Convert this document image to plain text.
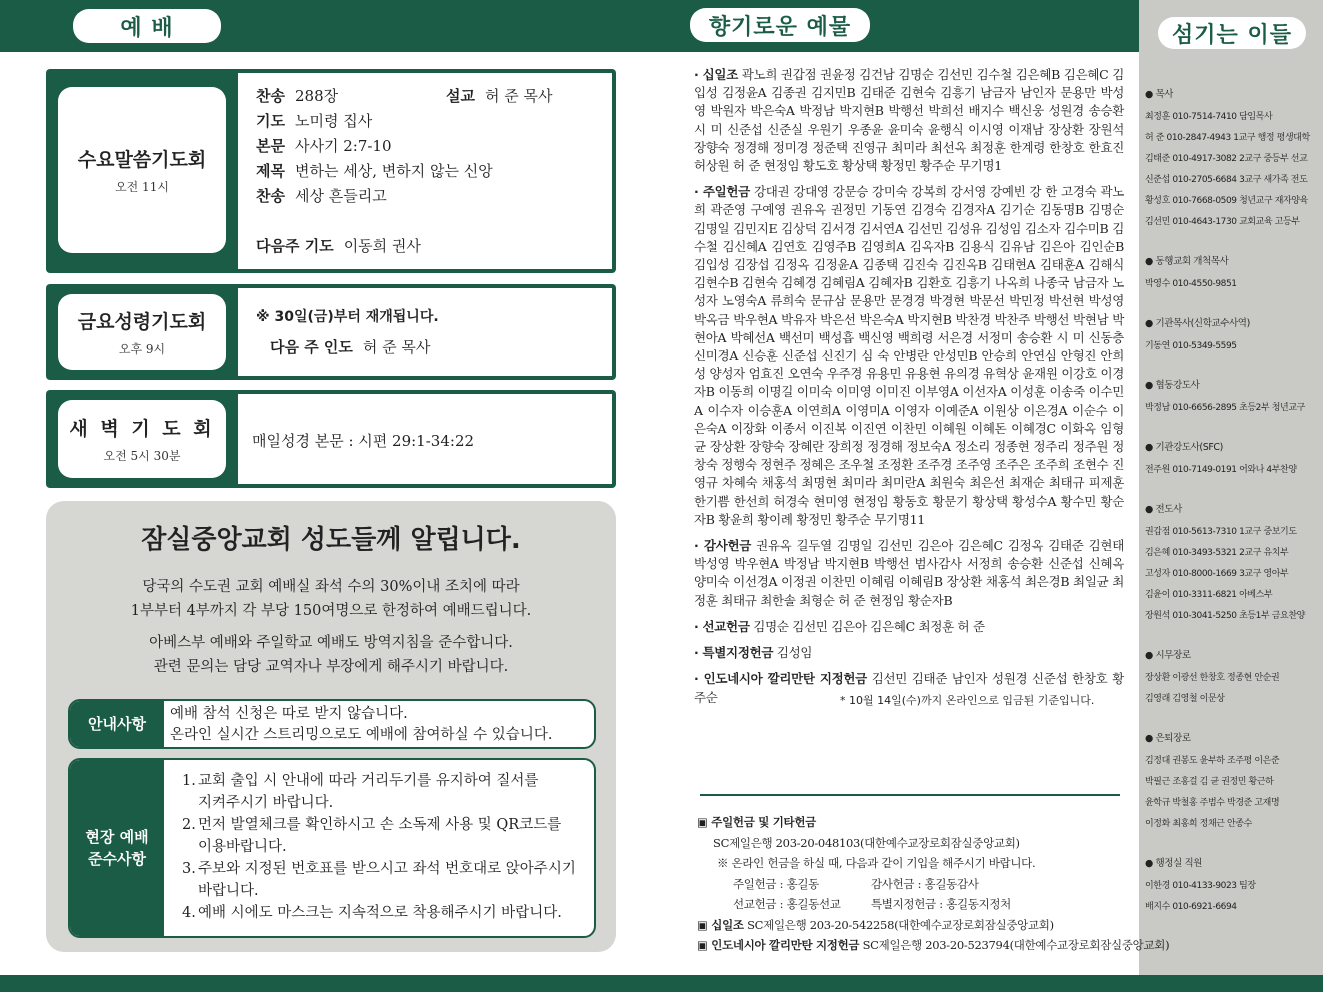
예 배	향기로운 예물	섬기는 이들
수요말씀기도회
오전 11시
찬송 288장	설교 허 준 목사
기도 노미령 집사
본문 사사기 2:7-10
제목 변하는 세상, 변하지 않는 신앙
찬송 세상 흔들리고
다음주 기도 이동희 권사
금요성령기도회
오후 9시
※ 30일(금)부터 재개됩니다.
다음 주 인도 허 준 목사
새 벽 기 도 회
오전 5시 30분
매일성경 본문 : 시편 29:1-34:22
잠실중앙교회 성도들께 알립니다.
당국의 수도권 교회 예배실 좌석 수의 30%이내 조치에 따라
1부부터 4부까지 각 부당 150여명으로 한정하여 예배드립니다.
아베스부 예배와 주일학교 예배도 방역지침을 준수합니다.
관련 문의는 담당 교역자나 부장에게 해주시기 바랍니다.
안내사항
예배 참석 신청은 따로 받지 않습니다.
온라인 실시간 스트리밍으로도 예배에 참여하실 수 있습니다.
현장 예배
준수사항
1. 교회 출입 시 안내에 따라 거리두기를 유지하여 질서를
지켜주시기 바랍니다.
2. 먼저 발열체크를 확인하시고 손 소독제 사용 및 QR코드를
이용바랍니다.
3. 주보와 지정된 번호표를 받으시고 좌석 번호대로 앉아주시기
바랍니다.
4. 예배 시에도 마스크는 지속적으로 착용해주시기 바랍니다.

· 십일조 곽노희 권갑점 권윤정 김건남 김명순 김선민 김수철 김은혜B 김은혜C 김입성 김정윤A 김종권 김지민B 김태준 김현숙 김흥기 남금자 남인자 문용만 박성영 박원자 박은숙A 박정남 박지현B 박행선 박희선 배지수 백신웅 성원경 송승환 시 미 신준섭 신준실 우원기 우종윤 윤미숙 윤행식 이시영 이재남 장상환 장원석 장향숙 정경해 정미경 정준택 진영규 최미라 최선옥 최정훈 한계령 한창호 한효진 허상원 허 준 현정임 황도호 황상택 황정민 황주순 무기명1

· 주일헌금 강대권 강대영 강문승 강미숙 강복희 강서영 강예빈 강 한 고경숙 곽노희 곽준영 구예영 권유옥 권정민 기동연 김경숙 김경자A 김기순 김동명B 김명순 김명일 김민지E 김상덕 김서경 김서연A 김선민 김성유 김성임 김소자 김수미B 김수철 김신혜A 김연호 김영주B 김영희A 김옥자B 김용식 김유남 김은아 김인순B 김입성 김장섭 김정옥 김정윤A 김종택 김진숙 김진옥B 김태현A 김태훈A 김해식 김현수B 김현숙 김혜경 김혜림A 김혜자B 김환호 김흥기 나옥희 나종국 남금자 노성자 노영숙A 류희숙 문규삼 문용만 문경경 박경현 박문선 박민정 박선현 박성영 박옥금 박우현A 박유자 박은선 박은숙A 박지현B 박찬경 박찬주 박행선 박현남 박현아A 박혜선A 백선미 백성흡 백신영 백희령 서은경 서정미 송승환 시 미 신동층 신미경A 신승훈 신준섭 신진기 심 숙 안병란 안성민B 안승희 안연심 안형진 안희성 양성자 엄효진 오연숙 우주경 유용민 유용현 유의경 유혁상 윤재원 이강호 이경자B 이동희 이명길 이미숙 이미영 이미진 이부영A 이선자A 이성훈 이송죽 이수민A 이수자 이승훈A 이연희A 이영미A 이영자 이예준A 이원상 이은경A 이순수 이은숙A 이장화 이종서 이진복 이진연 이찬민 이혜원 이혜돈 이혜경C 이화옥 임형균 장상환 장향숙 장혜란 장희정 정경해 정보숙A 정소리 정종현 정주리 정주원 정창숙 정행숙 정현주 정혜은 조우철 조정환 조주경 조주영 조주은 조주희 조현수 진영규 차혜숙 채홍석 최명현 최미라 최미란A 최원숙 최은선 최재순 최태규 피제훈 한기쁨 한선희 허경숙 현미영 현정임 황동호 황문기 황상택 황성수A 황수민 황순자B 황윤희 황이례 황정민 황주순 무기명11

· 감사헌금 권유옥 길두열 김명일 김선민 김은아 김은혜C 김정옥 김태준 김현태 박성영 박우현A 박정남 박지현B 박행선 범사감사 서정희 송승환 신준섭 신혜옥 양미숙 이선경A 이정권 이찬민 이혜림 이혜림B 장상환 채홍석 최은경B 최일균 최정훈 최태규 최한솔 최형순 허 준 현정임 황순자B

· 선교헌금 김명순 김선민 김은아 김은혜C 최정훈 허 준

· 특별지정헌금 김성임

· 인도네시아 깔리만탄 지정헌금 김선민 김태준 남인자 성원경 신준섭 한창호 황주순	* 10월 14일(수)까지 온라인으로 입금된 기준입니다.
▣ 주일헌금 및 기타헌금
SC제일은행 203-20-048103(대한예수교장로회잠실중앙교회)
※ 온라인 헌금을 하실 때, 다음과 같이 기입을 해주시기 바랍니다.
주일헌금 : 홍길동	감사헌금 : 홍길동감사
선교헌금 : 홍길동선교	특별지정헌금 : 홍길동지정처
▣ 십일조 SC제일은행 203-20-542258(대한예수교장로회잠실중앙교회)
▣ 인도네시아 깔리만탄 지정헌금 SC제일은행 203-20-523794(대한예수교장로회잠실중앙교회)
● 목사
최정훈 010-7514-7410 담임목사
허 준 010-2847-4943 1교구 행정 평생대학
김태준 010-4917-3082 2교구 중등부 선교
신준섭 010-2705-6684 3교구 새가족 전도
황성호 010-7668-0509 청년교구 재자양육
김선민 010-4643-1730 교회교육 고등부
● 동행교회 개척목사
박영수 010-4550-9851
● 기관목사(신학교수사역)
기동연 010-5349-5595
● 협동강도사
박정남 010-6656-2895 초등2부 청년교구
● 기관강도사(SFC)
전주원 010-7149-0191 어와나 4부찬양
● 전도사
권갑점 010-5613-7310 1교구 중보기도
김은혜 010-3493-5321 2교구 유치부
고성자 010-8000-1669 3교구 영아부
김윤이 010-3311-6821 아베스부
장원석 010-3041-5250 초등1부 금요찬양
● 시무장로
장상환 이광선 한창호 정종현 안순권
김영래 김영철 이문상
● 은퇴장로
김정대 권봉도 윤부하 조주평 이은준
박필근 조홍걸 김 균 권정민 황근하
윤학규 박철홍 주범수 박경준 고재명
이정화 최홍희 정채근 안종수
● 행정실 직원
이한경 010-4133-9023 팀장
배지수 010-6921-6694
